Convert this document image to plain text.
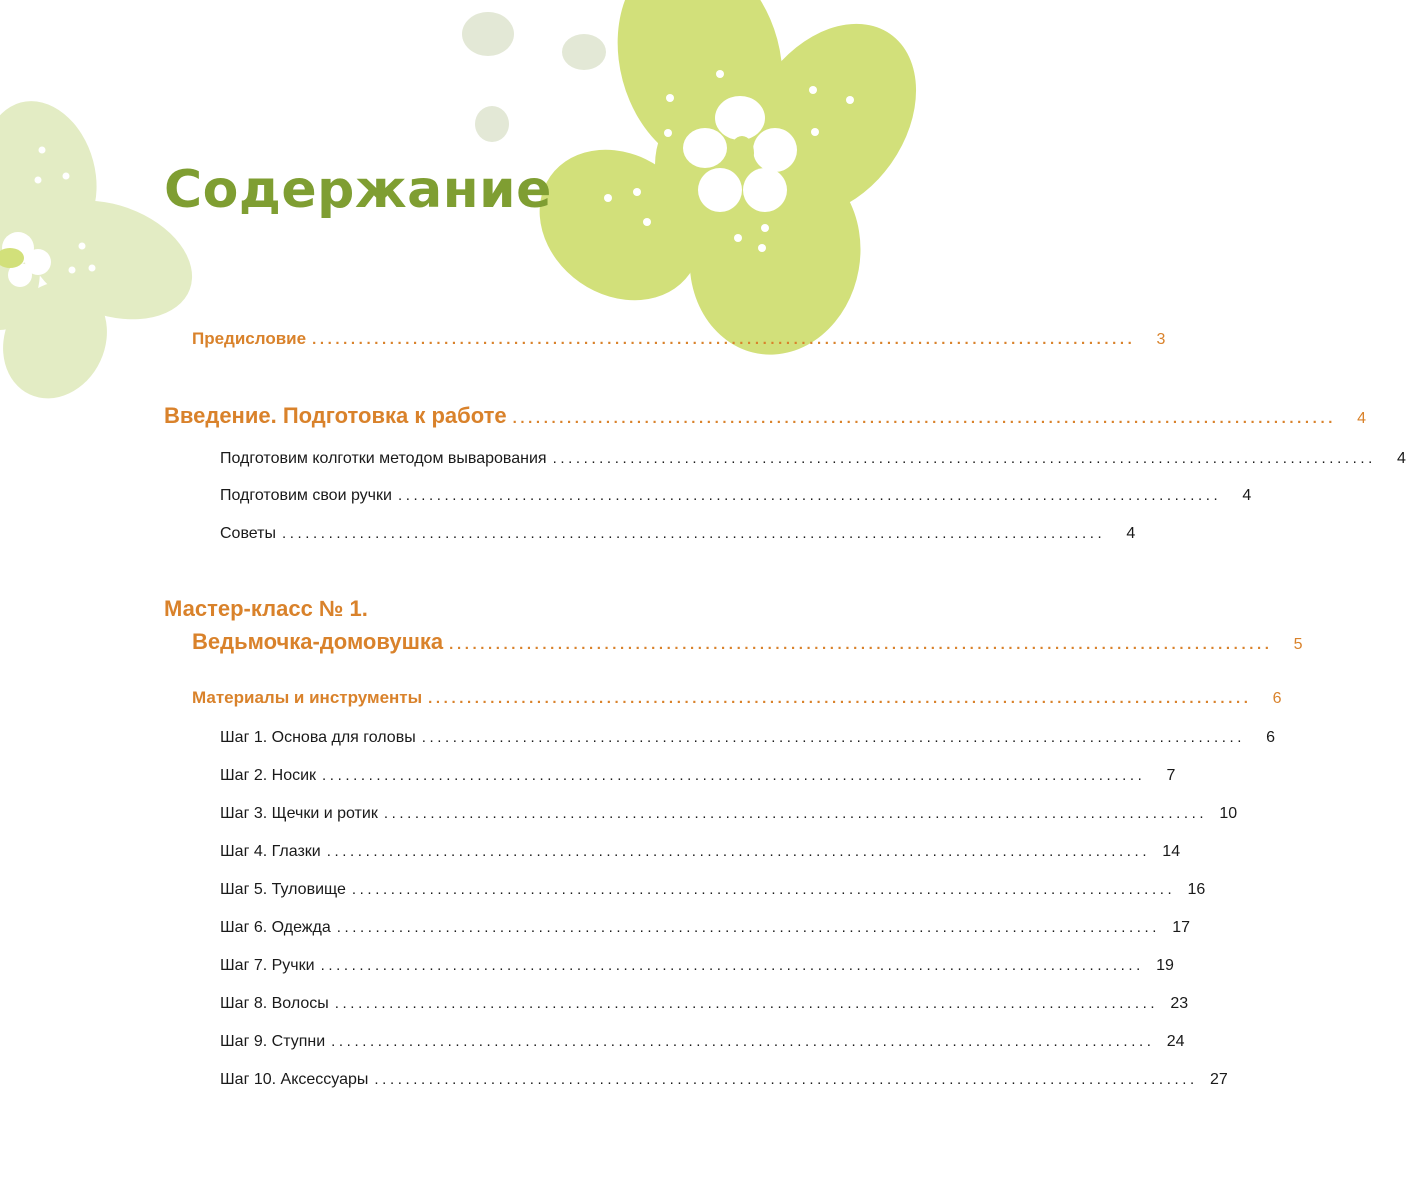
Содержание
Предисловие ..........................................................................................................	3
Введение. Подготовка к работе ..........................................................................................................	4
Подготовим колготки методом выварования ..........................................................................................................	4
Подготовим свои ручки ..........................................................................................................	4
Советы ..........................................................................................................	4
Мастер-класс № 1.
Ведьмочка-домовушка ..........................................................................................................	5
Материалы и инструменты ..........................................................................................................	6
Шаг 1. Основа для головы ..........................................................................................................	6
Шаг 2. Носик ..........................................................................................................	7
Шаг 3. Щечки и ротик .......................................................................................................... 10
Шаг 4. Глазки .......................................................................................................... 14
Шаг 5. Туловище .......................................................................................................... 16
Шаг 6. Одежда .......................................................................................................... 17
Шаг 7. Ручки .......................................................................................................... 19
Шаг 8. Волосы .......................................................................................................... 23
Шаг 9. Ступни .......................................................................................................... 24
Шаг 10. Аксессуары .......................................................................................................... 27
